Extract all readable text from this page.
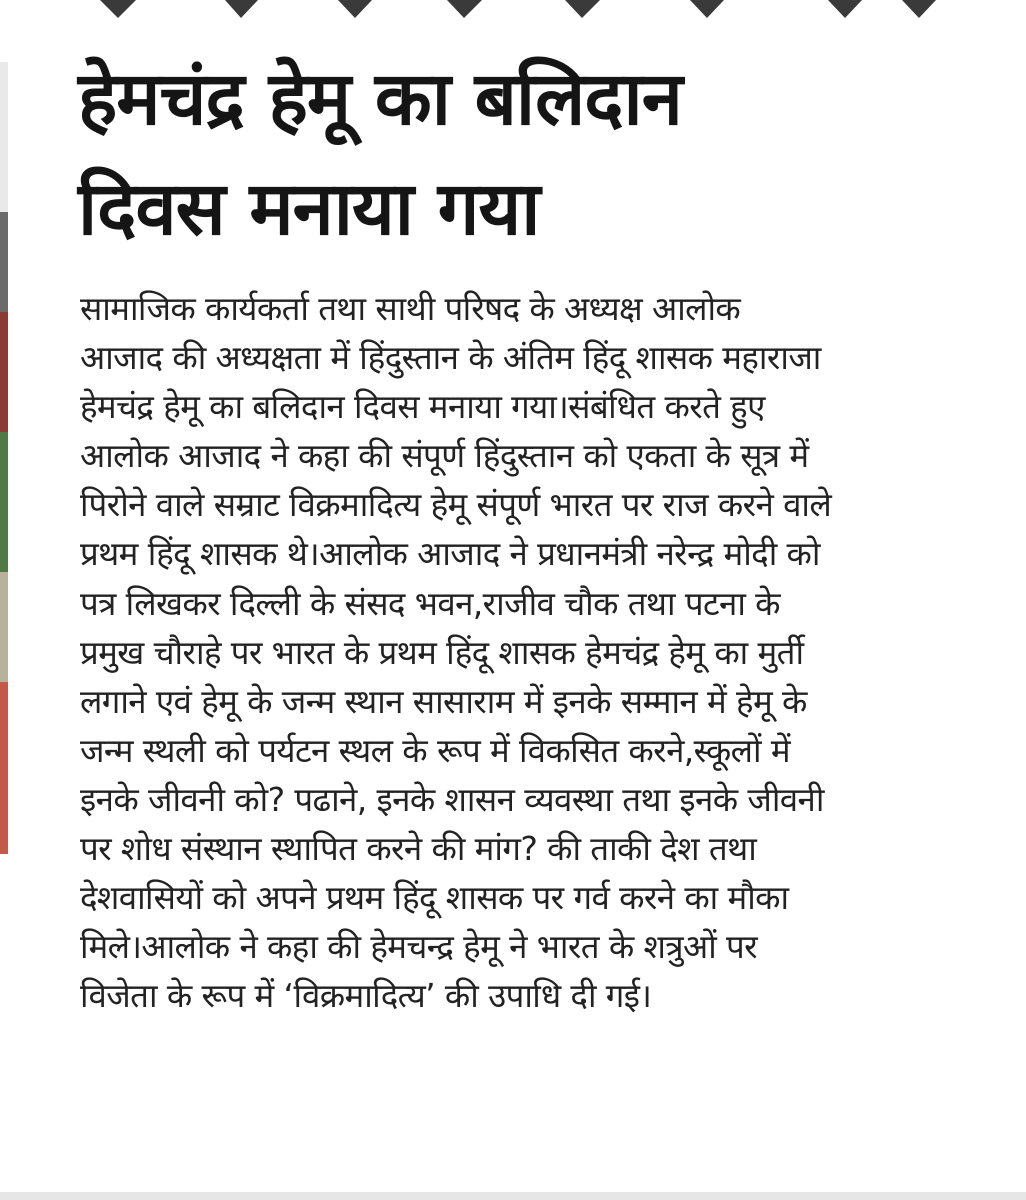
हेमचंद्र हेमू का बलिदान
दिवस मनाया गया
सामाजिक कार्यकर्ता तथा साथी परिषद के अध्यक्ष आलोक
आजाद की अध्यक्षता में हिंदुस्तान के अंतिम हिंदू शासक महाराजा
हेमचंद्र हेमू का बलिदान दिवस मनाया गया।संबंधित करते हुए
आलोक आजाद ने कहा की संपूर्ण हिंदुस्तान को एकता के सूत्र में
पिरोने वाले सम्राट विक्रमादित्य हेमू संपूर्ण भारत पर राज करने वाले
प्रथम हिंदू शासक थे।आलोक आजाद ने प्रधानमंत्री नरेन्द्र मोदी को
पत्र लिखकर दिल्ली के संसद भवन,राजीव चौक तथा पटना के
प्रमुख चौराहे पर भारत के प्रथम हिंदू शासक हेमचंद्र हेमू का मुर्ती
लगाने एवं हेमू के जन्म स्थान सासाराम में इनके सम्मान में हेमू के
जन्म स्थली को पर्यटन स्थल के रूप में विकसित करने,स्कूलों में
इनके जीवनी को? पढाने, इनके शासन व्यवस्था तथा इनके जीवनी
पर शोध संस्थान स्थापित करने की मांग? की ताकी देश तथा
देशवासियों को अपने प्रथम हिंदू शासक पर गर्व करने का मौका
मिले।आलोक ने कहा की हेमचन्द्र हेमू ने भारत के शत्रुओं पर
विजेता के रूप में ‘विक्रमादित्य’ की उपाधि दी गई।
